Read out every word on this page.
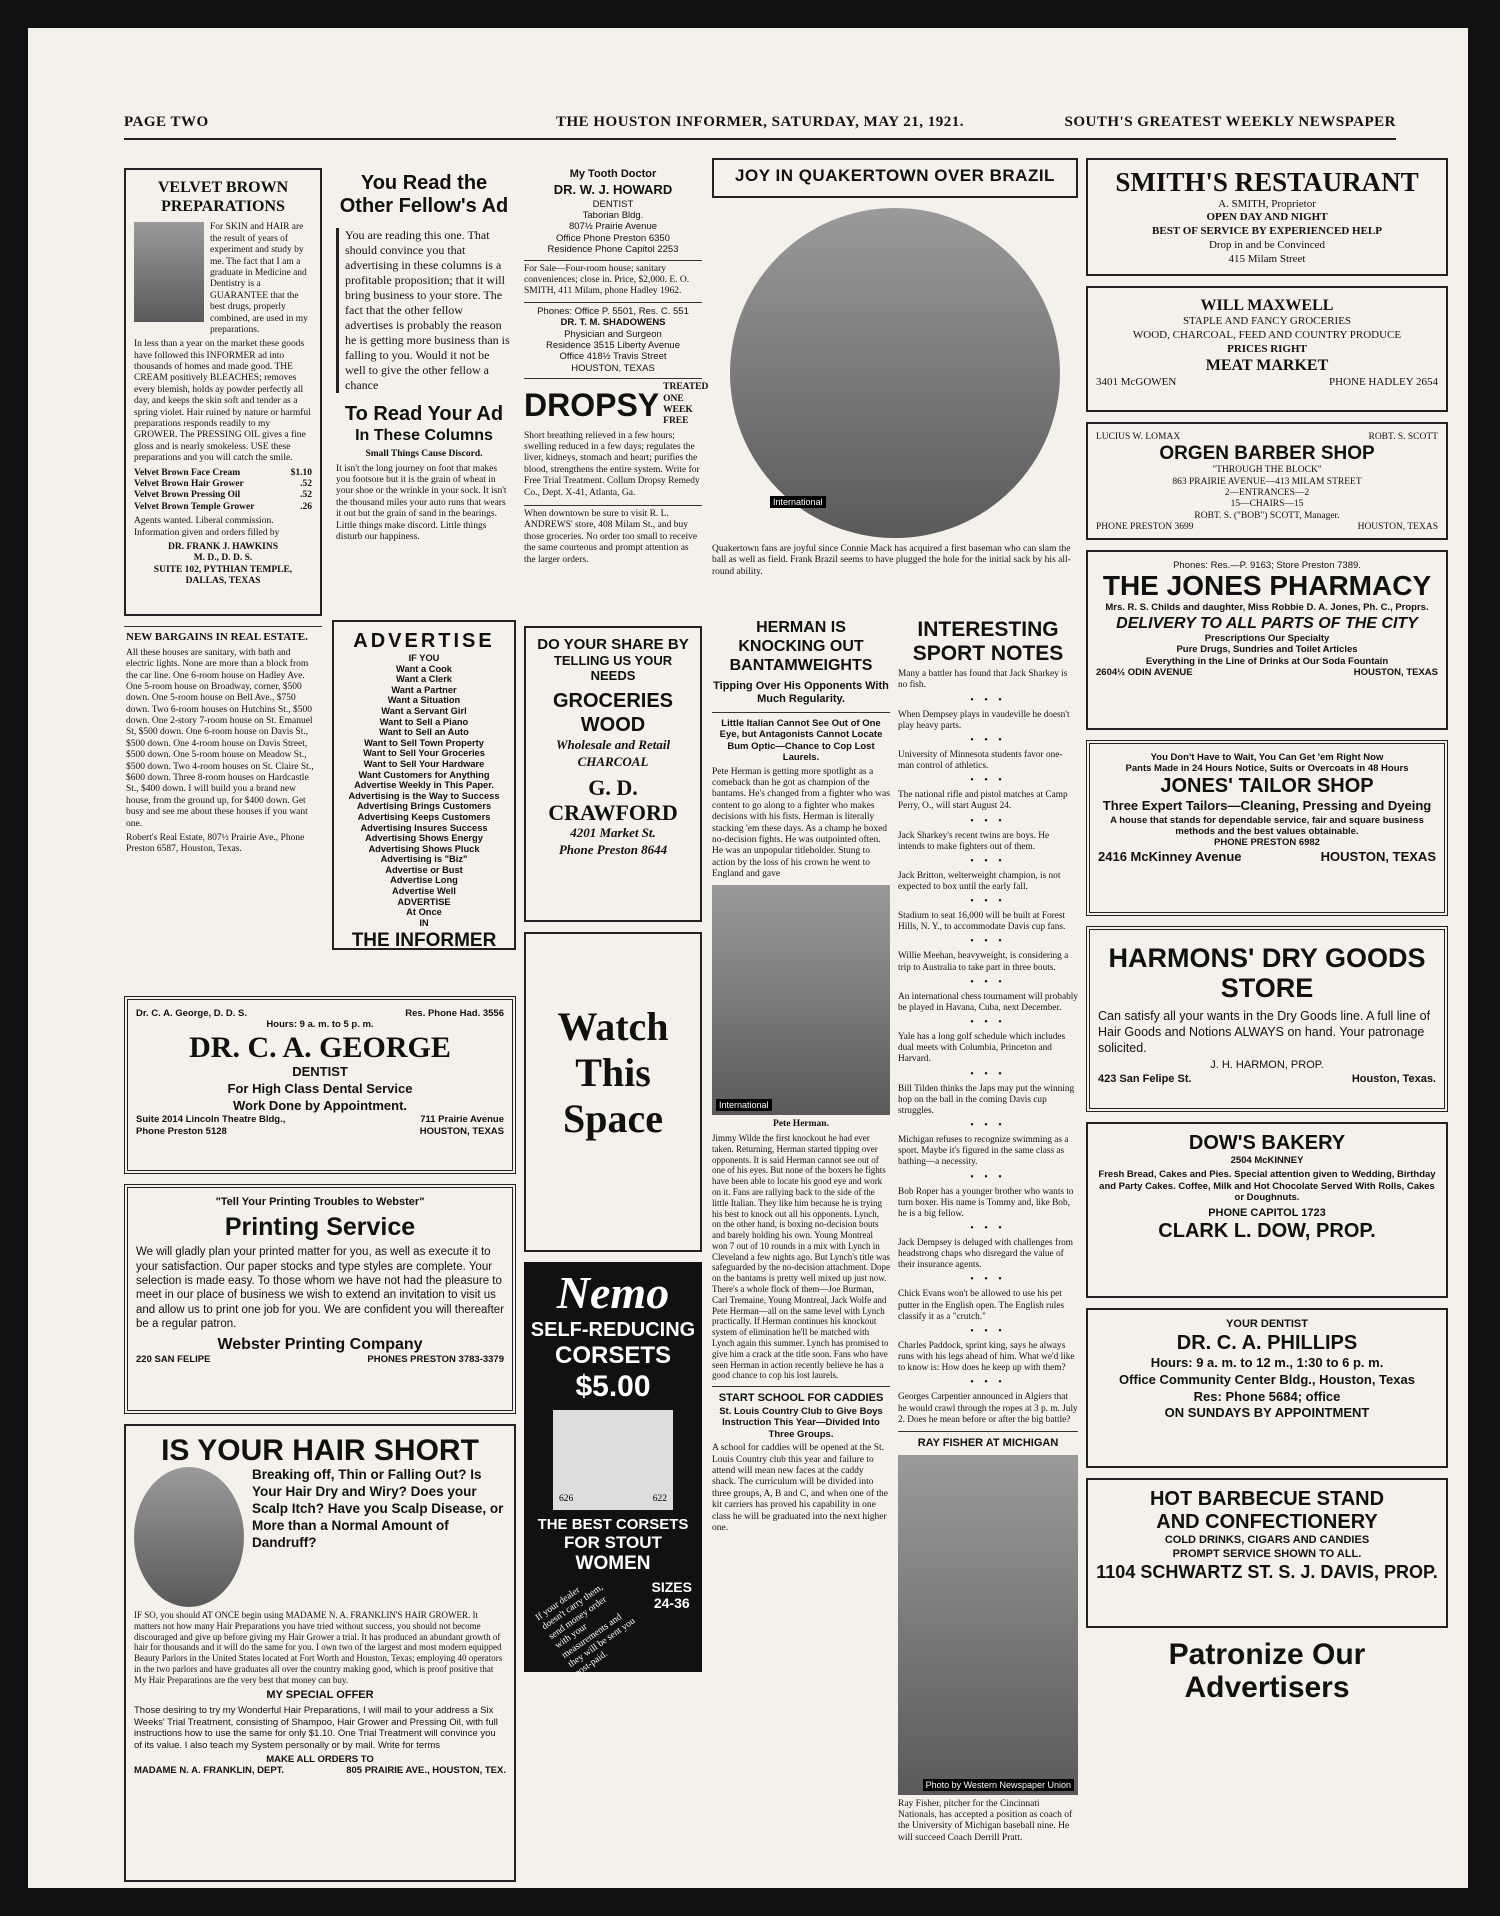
PAGE TWO	THE HOUSTON INFORMER, SATURDAY, MAY 21, 1921.	SOUTH'S GREATEST WEEKLY NEWSPAPER
VELVET BROWN PREPARATIONS
For SKIN and HAIR are the result of years of experiment and study by me. The fact that I am a graduate in Medicine and Dentistry is a GUARANTEE that the best drugs, properly combined, are used in my preparations.

In less than a year on the market these goods have followed this INFORMER ad into thousands of homes and made good. THE CREAM positively BLEACHES; removes every blemish, holds ay powder perfectly all day, and keeps the skin soft and tender as a spring violet. Hair ruined by nature or harmful preparations responds readily to my GROWER. The PRESSING OIL gives a fine gloss and is nearly smokeless. USE these preparations and you will catch the smile.

Velvet Brown Face Cream	$1.10
Velvet Brown Hair Grower	.52
Velvet Brown Pressing Oil	.52
Velvet Brown Temple Grower	.26

Agents wanted. Liberal commission. Information given and orders filled by

DR. FRANK J. HAWKINS
M. D., D. D. S.
SUITE 102, PYTHIAN TEMPLE,
DALLAS, TEXAS
NEW BARGAINS IN REAL ESTATE.

All these houses are sanitary, with bath and electric lights. None are more than a block from the car line. One 6-room house on Hadley Ave. One 5-room house on Broadway, corner, $500 down. One 5-room house on Bell Ave., $750 down. Two 6-room houses on Hutchins St., $500 down. One 2-story 7-room house on St. Emanuel St, $500 down. One 6-room house on Davis St., $500 down. One 4-room house on Davis Street, $500 down. One 5-room house on Meadow St., $500 down. Two 4-room houses on St. Claire St., $600 down. Three 8-room houses on Hardcastle St., $400 down. I will build you a brand new house, from the ground up, for $400 down. Get busy and see me about these houses if you want one.

Robert's Real Estate, 807½ Prairie Ave., Phone Preston 6587, Houston, Texas.

You Read the Other Fellow's Ad

You are reading this one. That should convince you that advertising in these columns is a profitable proposition; that it will bring business to your store. The fact that the other fellow advertises is probably the reason he is getting more business than is falling to you. Would it not be well to give the other fellow a chance

To Read Your Ad
In These Columns
Small Things Cause Discord.

It isn't the long journey on foot that makes you footsore but it is the grain of wheat in your shoe or the wrinkle in your sock. It isn't the thousand miles your auto runs that wears it out but the grain of sand in the bearings. Little things make discord. Little things disturb our happiness.

ADVERTISE
IF YOU
Want a Cook
Want a Clerk
Want a Partner
Want a Situation
Want a Servant Girl
Want to Sell a Piano
Want to Sell an Auto
Want to Sell Town Property
Want to Sell Your Groceries
Want to Sell Your Hardware
Want Customers for Anything
Advertise Weekly in This Paper.
Advertising is the Way to Success
Advertising Brings Customers
Advertising Keeps Customers
Advertising Insures Success
Advertising Shows Energy
Advertising Shows Pluck
Advertising is "Biz"
Advertise or Bust
Advertise Long
Advertise Well
ADVERTISE
At Once
IN
THE INFORMER
My Tooth Doctor
DR. W. J. HOWARD
DENTIST
Taborian Bldg.
807½ Prairie Avenue
Office Phone Preston 6350
Residence Phone Capitol 2253

For Sale—Four-room house; sanitary conveniences; close in. Price, $2,000. E. O. SMITH, 411 Milam, phone Hadley 1962.

Phones: Office P. 5501, Res. C. 551
DR. T. M. SHADOWENS
Physician and Surgeon
Residence 3515 Liberty Avenue
Office 418½ Travis Street
HOUSTON, TEXAS
DROPSY TREATED ONE WEEK FREE

Short breathing relieved in a few hours; swelling reduced in a few days; regulates the liver, kidneys, stomach and heart; purifies the blood, strengthens the entire system. Write for Free Trial Treatment. Collum Dropsy Remedy Co., Dept. X-41, Atlanta, Ga.

When downtown be sure to visit R. L. ANDREWS' store, 408 Milam St., and buy those groceries. No order too small to receive the same courteous and prompt attention as the larger orders.

DO YOUR SHARE BY
TELLING US YOUR NEEDS
GROCERIES
WOOD
Wholesale and Retail
CHARCOAL
G. D. CRAWFORD
4201 Market St.
Phone Preston 8644
Watch
This
Space
Nemo
SELF-REDUCING
CORSETS
$5.00
626	622
THE BEST CORSETS
FOR STOUT
WOMEN
If your dealer doesn't carry them, send money order with your measurements and they will be sent you post-paid.
SIZES
24-36
Dr. C. A. George, D. D. S.	Res. Phone Had. 3556
Hours: 9 a. m. to 5 p. m.
DR. C. A. GEORGE
DENTIST
For High Class Dental Service
Work Done by Appointment.
Suite 2014 Lincoln Theatre Bldg.,	711 Prairie Avenue
Phone Preston 5128	HOUSTON, TEXAS
"Tell Your Printing Troubles to Webster"
Printing Service

We will gladly plan your printed matter for you, as well as execute it to your satisfaction. Our paper stocks and type styles are complete. Your selection is made easy. To those whom we have not had the pleasure to meet in our place of business we wish to extend an invitation to visit us and allow us to print one job for you. We are confident you will thereafter be a regular patron.

Webster Printing Company
220 SAN FELIPE	PHONES PRESTON 3783-3379
IS YOUR HAIR SHORT
Breaking off, Thin or Falling Out? Is Your Hair Dry and Wiry? Does your Scalp Itch? Have you Scalp Disease, or More than a Normal Amount of Dandruff?

IF SO, you should AT ONCE begin using MADAME N. A. FRANKLIN'S HAIR GROWER. It matters not how many Hair Preparations you have tried without success, you should not become discouraged and give up before giving my Hair Grower a trial. It has produced an abundant growth of hair for thousands and it will do the same for you. I own two of the largest and most modern equipped Beauty Parlors in the United States located at Fort Worth and Houston, Texas; employing 40 operators in the two parlors and have graduates all over the country making good, which is proof positive that My Hair Preparations are the very best that money can buy.

MY SPECIAL OFFER

Those desiring to try my Wonderful Hair Preparations, I will mail to your address a Six Weeks' Trial Treatment, consisting of Shampoo, Hair Grower and Pressing Oil, with full instructions how to use the same for only $1.10. One Trial Treatment will convince you of its value. I also teach my System personally or by mail. Write for terms

MAKE ALL ORDERS TO
MADAME N. A. FRANKLIN, DEPT.	805 PRAIRIE AVE., HOUSTON, TEX.
JOY IN QUAKERTOWN OVER BRAZIL
International

Quakertown fans are joyful since Connie Mack has acquired a first baseman who can slam the ball as well as field. Frank Brazil seems to have plugged the hole for the initial sack by his all-round ability.

HERMAN IS KNOCKING OUT BANTAMWEIGHTS
Tipping Over His Opponents With Much Regularity.
Little Italian Cannot See Out of One Eye, but Antagonists Cannot Locate Bum Optic—Chance to Cop Lost Laurels.

Pete Herman is getting more spotlight as a comeback than he got as champion of the bantams. He's changed from a fighter who was content to go along to a fighter who makes decisions with his fists. Herman is literally stacking 'em these days. As a champ he boxed no-decision fights. He was outpointed often. He was an unpopular titleholder. Stung to action by the loss of his crown he went to England and gave

International
Pete Herman.

Jimmy Wilde the first knockout he had ever taken. Returning, Herman started tipping over opponents. It is said Herman cannot see out of one of his eyes. But none of the boxers he fights have been able to locate his good eye and work on it. Fans are rallying back to the side of the little Italian. They like him because he is trying his best to knock out all his opponents. Lynch, on the other hand, is boxing no-decision bouts and barely holding his own. Young Montreal won 7 out of 10 rounds in a mix with Lynch in Cleveland a few nights ago. But Lynch's title was safeguarded by the no-decision attachment. Dope on the bantams is pretty well mixed up just now. There's a whole flock of them—Joe Burman, Carl Tremaine, Young Montreal, Jack Wolfe and Pete Herman—all on the same level with Lynch practically. If Herman continues his knockout system of elimination he'll be matched with Lynch again this summer. Lynch has promised to give him a crack at the title soon. Fans who have seen Herman in action recently believe he has a good chance to cop his lost laurels.

START SCHOOL FOR CADDIES
St. Louis Country Club to Give Boys Instruction This Year—Divided Into Three Groups.

A school for caddies will be opened at the St. Louis Country club this year and failure to attend will mean new faces at the caddy shack. The curriculum will be divided into three groups, A, B and C, and when one of the kit carriers has proved his capability in one class he will be graduated into the next higher one.

INTERESTING SPORT NOTES

Many a battler has found that Jack Sharkey is no fish.

• • •

When Dempsey plays in vaudeville he doesn't play heavy parts.

• • •

University of Minnesota students favor one-man control of athletics.

• • •

The national rifle and pistol matches at Camp Perry, O., will start August 24.

• • •

Jack Sharkey's recent twins are boys. He intends to make fighters out of them.

• • •

Jack Britton, welterweight champion, is not expected to box until the early fall.

• • •

Stadium to seat 16,000 will be built at Forest Hills, N. Y., to accommodate Davis cup fans.

• • •

Willie Meehan, heavyweight, is considering a trip to Australia to take part in three bouts.

• • •

An international chess tournament will probably be played in Havana, Cuba, next December.

• • •

Yale has a long golf schedule which includes dual meets with Columbia, Princeton and Harvard.

• • •

Bill Tilden thinks the Japs may put the winning hop on the ball in the coming Davis cup struggles.

• • •

Michigan refuses to recognize swimming as a sport. Maybe it's figured in the same class as bathing—a necessity.

• • •

Bob Roper has a younger brother who wants to turn boxer. His name is Tommy and, like Bob, he is a big fellow.

• • •

Jack Dempsey is deluged with challenges from headstrong chaps who disregard the value of their insurance agents.

• • •

Chick Evans won't be allowed to use his pet putter in the English open. The English rules classify it as a "crutch."

• • •

Charles Paddock, sprint king, says he always runs with his legs ahead of him. What we'd like to know is: How does he keep up with them?

• • •

Georges Carpentier announced in Algiers that he would crawl through the ropes at 3 p. m. July 2. Does he mean before or after the big battle?

RAY FISHER AT MICHIGAN
Photo by Western Newspaper Union

Ray Fisher, pitcher for the Cincinnati Nationals, has accepted a position as coach of the University of Michigan baseball nine. He will succeed Coach Derrill Pratt.

SMITH'S RESTAURANT
A. SMITH, Proprietor
OPEN DAY AND NIGHT
BEST OF SERVICE BY EXPERIENCED HELP
Drop in and be Convinced
415 Milam Street
WILL MAXWELL
STAPLE AND FANCY GROCERIES
WOOD, CHARCOAL, FEED AND COUNTRY PRODUCE
PRICES RIGHT
MEAT MARKET
3401 McGOWEN	PHONE HADLEY 2654
LUCIUS W. LOMAX	ROBT. S. SCOTT
ORGEN BARBER SHOP
"THROUGH THE BLOCK"
863 PRAIRIE AVENUE—413 MILAM STREET
2—ENTRANCES—2
15—CHAIRS—15
ROBT. S. ("BOB") SCOTT, Manager.
PHONE PRESTON 3699	HOUSTON, TEXAS
Phones: Res.—P. 9163; Store Preston 7389.
THE JONES PHARMACY
Mrs. R. S. Childs and daughter, Miss Robbie D. A. Jones, Ph. C., Proprs.
DELIVERY TO ALL PARTS OF THE CITY
Prescriptions Our Specialty
Pure Drugs, Sundries and Toilet Articles
Everything in the Line of Drinks at Our Soda Fountain
2604½ ODIN AVENUE	HOUSTON, TEXAS
You Don't Have to Wait, You Can Get 'em Right Now
Pants Made in 24 Hours Notice, Suits or Overcoats in 48 Hours
JONES' TAILOR SHOP
Three Expert Tailors—Cleaning, Pressing and Dyeing
A house that stands for dependable service, fair and square business methods and the best values obtainable.
PHONE PRESTON 6982
2416 McKinney Avenue	HOUSTON, TEXAS
HARMONS' DRY GOODS STORE

Can satisfy all your wants in the Dry Goods line. A full line of Hair Goods and Notions ALWAYS on hand. Your patronage solicited.

J. H. HARMON, PROP.
423 San Felipe St.	Houston, Texas.
DOW'S BAKERY
2504 McKINNEY

Fresh Bread, Cakes and Pies. Special attention given to Wedding, Birthday and Party Cakes. Coffee, Milk and Hot Chocolate Served With Rolls, Cakes or Doughnuts.

PHONE CAPITOL 1723
CLARK L. DOW, PROP.
YOUR DENTIST
DR. C. A. PHILLIPS
Hours: 9 a. m. to 12 m., 1:30 to 6 p. m.
Office Community Center Bldg., Houston, Texas
Res: Phone 5684; office
ON SUNDAYS BY APPOINTMENT
HOT BARBECUE STAND
AND CONFECTIONERY
COLD DRINKS, CIGARS AND CANDIES
PROMPT SERVICE SHOWN TO ALL.
1104 SCHWARTZ ST. S. J. DAVIS, PROP.
Patronize Our Advertisers
